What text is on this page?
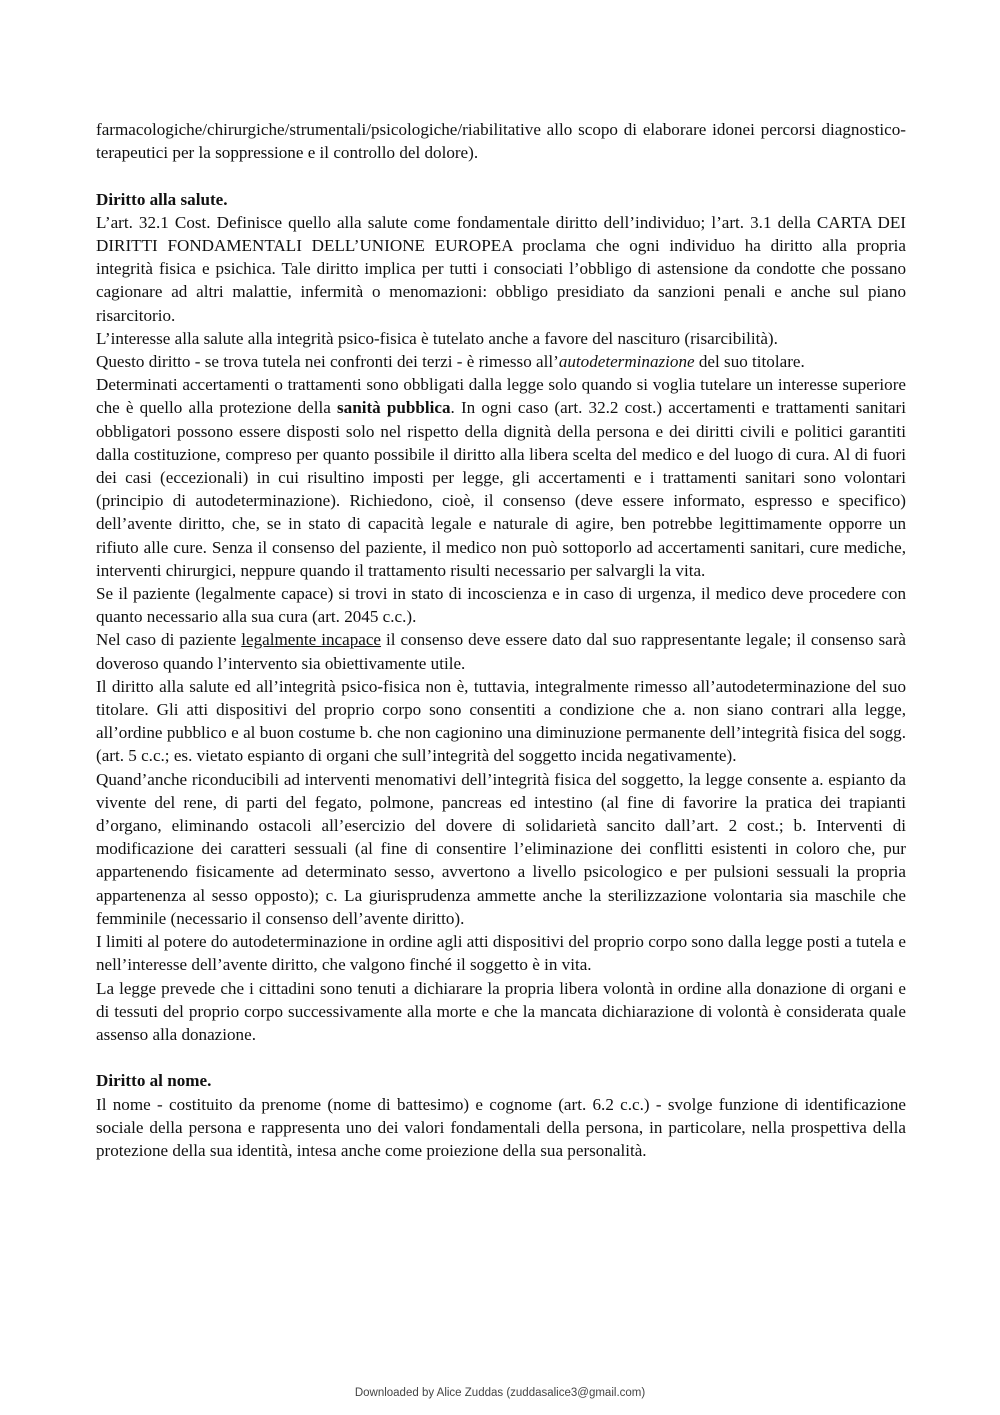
farmacologiche/chirurgiche/strumentali/psicologiche/riabilitative allo scopo di elaborare idonei percorsi diagnostico-terapeutici per la soppressione e il controllo del dolore).

Diritto alla salute.

L’art. 32.1 Cost. Definisce quello alla salute come fondamentale diritto dell’individuo; l’art. 3.1 della CARTA DEI DIRITTI FONDAMENTALI DELL’UNIONE EUROPEA proclama che ogni individuo ha diritto alla propria integrità fisica e psichica. Tale diritto implica per tutti i consociati l’obbligo di astensione da condotte che possano cagionare ad altri malattie, infermità o menomazioni: obbligo presidiato da sanzioni penali e anche sul piano risarcitorio.

L’interesse alla salute alla integrità psico-fisica è tutelato anche a favore del nascituro (risarcibilità).

Questo diritto - se trova tutela nei confronti dei terzi - è rimesso all’autodeterminazione del suo titolare.

Determinati accertamenti o trattamenti sono obbligati dalla legge solo quando si voglia tutelare un interesse superiore che è quello alla protezione della sanità pubblica. In ogni caso (art. 32.2 cost.) accertamenti e trattamenti sanitari obbligatori possono essere disposti solo nel rispetto della dignità della persona e dei diritti civili e politici garantiti dalla costituzione, compreso per quanto possibile il diritto alla libera scelta del medico e del luogo di cura. Al di fuori dei casi (eccezionali) in cui risultino imposti per legge, gli accertamenti e i trattamenti sanitari sono volontari (principio di autodeterminazione). Richiedono, cioè, il consenso (deve essere informato, espresso e specifico) dell’avente diritto, che, se in stato di capacità legale e naturale di agire, ben potrebbe legittimamente opporre un rifiuto alle cure. Senza il consenso del paziente, il medico non può sottoporlo ad accertamenti sanitari, cure mediche, interventi chirurgici, neppure quando il trattamento risulti necessario per salvargli la vita.

Se il paziente (legalmente capace) si trovi in stato di incoscienza e in caso di urgenza, il medico deve procedere con quanto necessario alla sua cura (art. 2045 c.c.).

Nel caso di paziente legalmente incapace il consenso deve essere dato dal suo rappresentante legale; il consenso sarà doveroso quando l’intervento sia obiettivamente utile.

Il diritto alla salute ed all’integrità psico-fisica non è, tuttavia, integralmente rimesso all’autodeterminazione del suo titolare. Gli atti dispositivi del proprio corpo sono consentiti a condizione che a. non siano contrari alla legge, all’ordine pubblico e al buon costume b. che non cagionino una diminuzione permanente dell’integrità fisica del sogg. (art. 5 c.c.; es. vietato espianto di organi che sull’integrità del soggetto incida negativamente).

Quand’anche riconducibili ad interventi menomativi dell’integrità fisica del soggetto, la legge consente a. espianto da vivente del rene, di parti del fegato, polmone, pancreas ed intestino (al fine di favorire la pratica dei trapianti d’organo, eliminando ostacoli all’esercizio del dovere di solidarietà sancito dall’art. 2 cost.; b. Interventi di modificazione dei caratteri sessuali (al fine di consentire l’eliminazione dei conflitti esistenti in coloro che, pur appartenendo fisicamente ad determinato sesso, avvertono a livello psicologico e per pulsioni sessuali la propria appartenenza al sesso opposto); c. La giurisprudenza ammette anche la sterilizzazione volontaria sia maschile che femminile (necessario il consenso dell’avente diritto).

I limiti al potere do autodeterminazione in ordine agli atti dispositivi del proprio corpo sono dalla legge posti a tutela e nell’interesse dell’avente diritto, che valgono finché il soggetto è in vita.

La legge prevede che i cittadini sono tenuti a dichiarare la propria libera volontà in ordine alla donazione di organi e di tessuti del proprio corpo successivamente alla morte e che la mancata dichiarazione di volontà è considerata quale assenso alla donazione.

Diritto al nome.

Il nome - costituito da prenome (nome di battesimo) e cognome (art. 6.2 c.c.) - svolge funzione di identificazione sociale della persona e rappresenta uno dei valori fondamentali della persona, in particolare, nella prospettiva della protezione della sua identità, intesa anche come proiezione della sua personalità.

Downloaded by Alice Zuddas (zuddasalice3@gmail.com)
